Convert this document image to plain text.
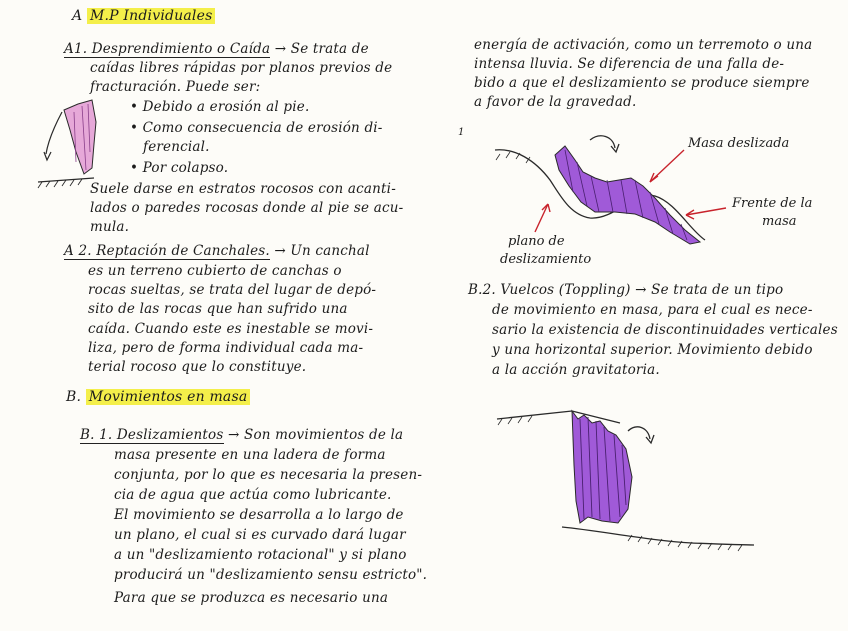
A M.P Individuales
A1. Desprendimiento o Caída → Se trata de
caídas libres rápidas por planos previos de
fracturación. Puede ser:
• Debido a erosión al pie.
• Como consecuencia de erosión di-
ferencial.
• Por colapso.
Suele darse en estratos rocosos con acanti-
lados o paredes rocosas donde al pie se acu-
mula.
A 2. Reptación de Canchales. → Un canchal
es un terreno cubierto de canchas o
rocas sueltas, se trata del lugar de depó-
sito de las rocas que han sufrido una
caída. Cuando este es inestable se movi-
liza, pero de forma individual cada ma-
terial rocoso que lo constituye.
B. Movimientos en masa
B. 1. Deslizamientos → Son movimientos de la
masa presente en una ladera de forma
conjunta, por lo que es necesaria la presen-
cia de agua que actúa como lubricante.
El movimiento se desarrolla a lo largo de
un plano, el cual si es curvado dará lugar
a un "deslizamiento rotacional" y si plano
producirá un "deslizamiento sensu estricto".
Para que se produzca es necesario una
energía de activación, como un terremoto o una
intensa lluvia. Se diferencia de una falla de-
bido a que el deslizamiento se produce siempre
a favor de la gravedad.
1
Masa deslizada
Frente de la
masa
plano de
deslizamiento
B.2. Vuelcos (Toppling) → Se trata de un tipo
de movimiento en masa, para el cual es nece-
sario la existencia de discontinuidades verticales
y una horizontal superior. Movimiento debido
a la acción gravitatoria.
